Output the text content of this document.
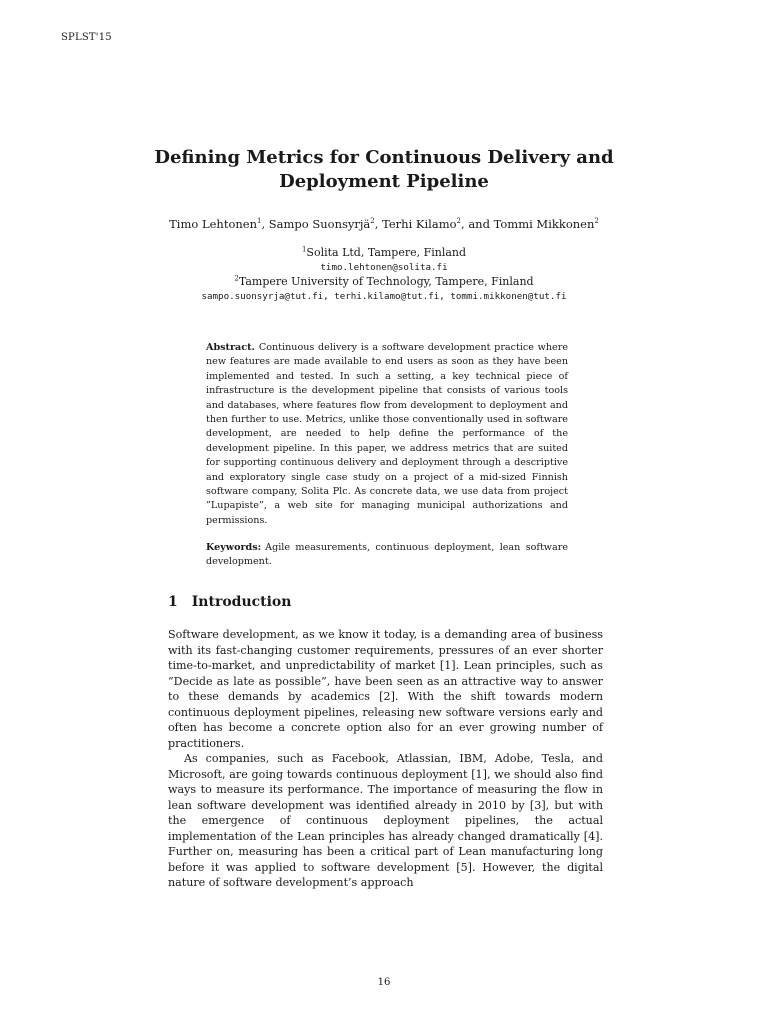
SPLST'15
Defining Metrics for Continuous Delivery and
Deployment Pipeline
Timo Lehtonen$^1$, Sampo Suonsyrjä$^2$, Terhi Kilamo$^2$, and Tommi Mikkonen$^2$
$^1$Solita Ltd, Tampere, Finland
timo.lehtonen@solita.fi
$^2$Tampere University of Technology, Tampere, Finland
sampo.suonsyrja@tut.fi, terhi.kilamo@tut.fi, tommi.mikkonen@tut.fi
Abstract. Continuous delivery is a software development practice where new features are made available to end users as soon as they have been implemented and tested. In such a setting, a key technical piece of infrastructure is the development pipeline that consists of various tools and databases, where features flow from development to deployment and then further to use. Metrics, unlike those conventionally used in software development, are needed to help define the performance of the development pipeline. In this paper, we address metrics that are suited for supporting continuous delivery and deployment through a descriptive and exploratory single case study on a project of a mid-sized Finnish software company, Solita Plc. As concrete data, we use data from project ”Lupapiste”, a web site for managing municipal authorizations and permissions.
Keywords: Agile measurements, continuous deployment, lean software development.
1 Introduction

Software development, as we know it today, is a demanding area of business with its fast-changing customer requirements, pressures of an ever shorter time-to-market, and unpredictability of market [1]. Lean principles, such as ”Decide as late as possible”, have been seen as an attractive way to answer to these demands by academics [2]. With the shift towards modern continuous deployment pipelines, releasing new software versions early and often has become a concrete option also for an ever growing number of practitioners.

As companies, such as Facebook, Atlassian, IBM, Adobe, Tesla, and Microsoft, are going towards continuous deployment [1], we should also find ways to measure its performance. The importance of measuring the flow in lean software development was identified already in 2010 by [3], but with the emergence of continuous deployment pipelines, the actual implementation of the Lean principles has already changed dramatically [4]. Further on, measuring has been a critical part of Lean manufacturing long before it was applied to software development [5]. However, the digital nature of software development’s approach

16
